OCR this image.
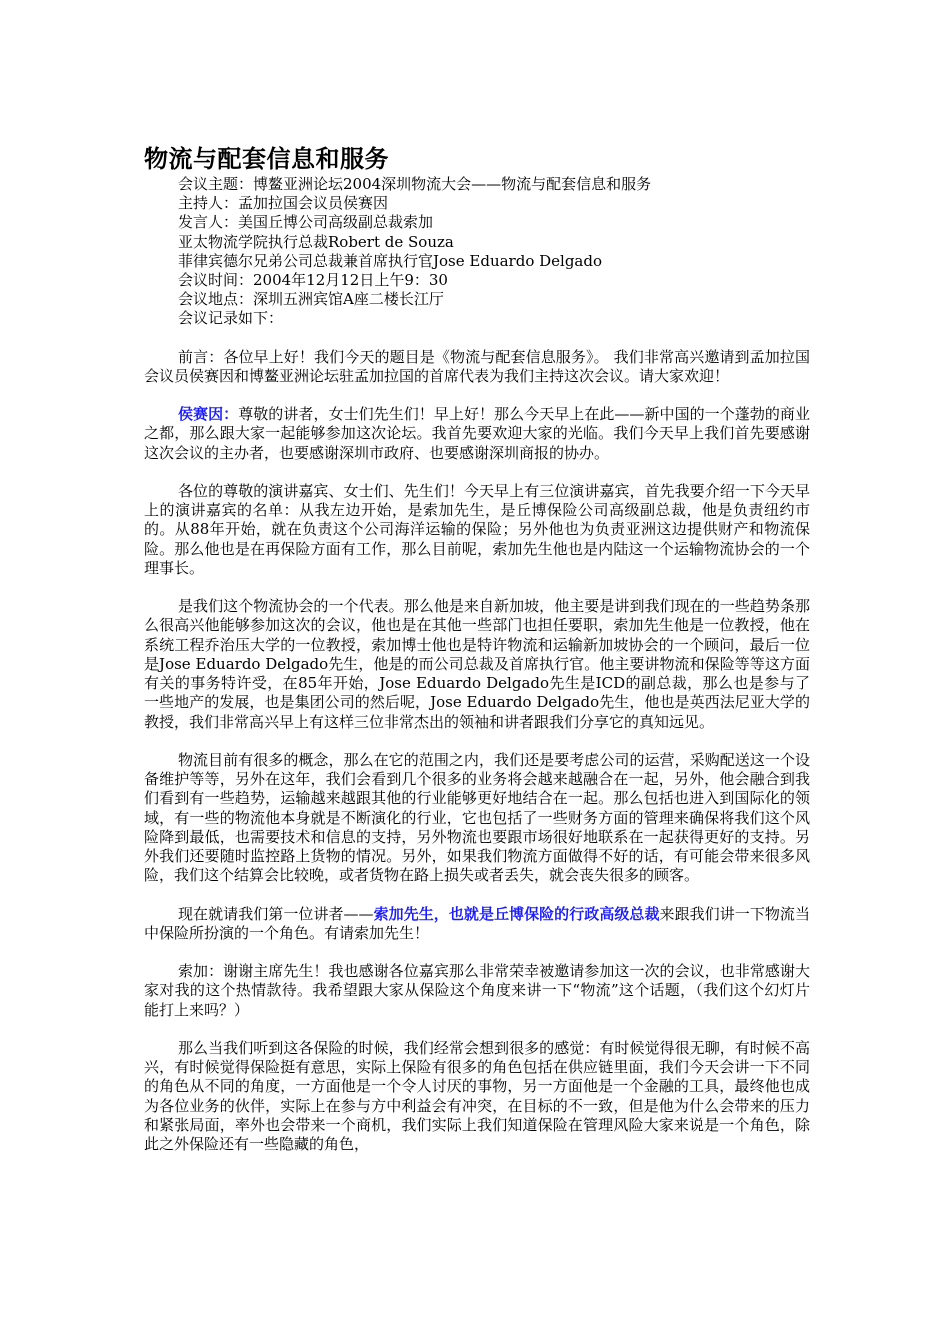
物流与配套信息和服务
会议主题：博鳌亚洲论坛2004深圳物流大会——物流与配套信息和服务
主持人：孟加拉国会议员侯赛因
发言人：美国丘博公司高级副总裁索加
亚太物流学院执行总裁Robert de Souza
菲律宾德尔兄弟公司总裁兼首席执行官Jose Eduardo Delgado
会议时间：2004年12月12日上午9：30
会议地点：深圳五洲宾馆A座二楼长江厅
会议记录如下：

前言：各位早上好！我们今天的题目是《物流与配套信息服务》。 我们非常高兴邀请到孟加拉国会议员侯赛因和博鳌亚洲论坛驻孟加拉国的首席代表为我们主持这次会议。请大家欢迎！

侯赛因：尊敬的讲者，女士们先生们！早上好！那么今天早上在此——新中国的一个蓬勃的商业之都，那么跟大家一起能够参加这次论坛。我首先要欢迎大家的光临。我们今天早上我们首先要感谢这次会议的主办者，也要感谢深圳市政府、也要感谢深圳商报的协办。

各位的尊敬的演讲嘉宾、女士们、先生们！今天早上有三位演讲嘉宾，首先我要介绍一下今天早上的演讲嘉宾的名单：从我左边开始，是索加先生，是丘博保险公司高级副总裁，他是负责纽约市的。从88年开始，就在负责这个公司海洋运输的保险；另外他也为负责亚洲这边提供财产和物流保险。那么他也是在再保险方面有工作，那么目前呢，索加先生他也是内陆这一个运输物流协会的一个理事长。

是我们这个物流协会的一个代表。那么他是来自新加坡，他主要是讲到我们现在的一些趋势条那么很高兴他能够参加这次的会议，他也是在其他一些部门也担任要职，索加先生他是一位教授，他在系统工程乔治压大学的一位教授，索加博士他也是特许物流和运输新加坡协会的一个顾问，最后一位是Jose Eduardo Delgado先生，他是的而公司总裁及首席执行官。他主要讲物流和保险等等这方面有关的事务特许受，在85年开始，Jose Eduardo Delgado先生是ICD的副总裁，那么也是参与了一些地产的发展，也是集团公司的然后呢，Jose Eduardo Delgado先生，他也是英西法尼亚大学的教授，我们非常高兴早上有这样三位非常杰出的领袖和讲者跟我们分享它的真知远见。

物流目前有很多的概念，那么在它的范围之内，我们还是要考虑公司的运营，采购配送这一个设备维护等等，另外在这年，我们会看到几个很多的业务将会越来越融合在一起，另外，他会融合到我们看到有一些趋势，运输越来越跟其他的行业能够更好地结合在一起。那么包括也进入到国际化的领域，有一些的物流他本身就是不断演化的行业，它也包括了一些财务方面的管理来确保将我们这个风险降到最低，也需要技术和信息的支持，另外物流也要跟市场很好地联系在一起获得更好的支持。另外我们还要随时监控路上货物的情况。另外，如果我们物流方面做得不好的话，有可能会带来很多风险，我们这个结算会比较晚，或者货物在路上损失或者丢失，就会丧失很多的顾客。

现在就请我们第一位讲者——索加先生，也就是丘博保险的行政高级总裁来跟我们讲一下物流当中保险所扮演的一个角色。有请索加先生！

索加：谢谢主席先生！我也感谢各位嘉宾那么非常荣幸被邀请参加这一次的会议，也非常感谢大家对我的这个热情款待。我希望跟大家从保险这个角度来讲一下“物流”这个话题，（我们这个幻灯片能打上来吗？）

那么当我们听到这各保险的时候，我们经常会想到很多的感觉：有时候觉得很无聊，有时候不高兴，有时候觉得保险挺有意思，实际上保险有很多的角色包括在供应链里面，我们今天会讲一下不同的角色从不同的角度，一方面他是一个令人讨厌的事物，另一方面他是一个金融的工具，最终他也成为各位业务的伙伴，实际上在参与方中利益会有冲突，在目标的不一致，但是他为什么会带来的压力和紧张局面，率外也会带来一个商机，我们实际上我们知道保险在管理风险大家来说是一个角色，除此之外保险还有一些隐藏的角色，
